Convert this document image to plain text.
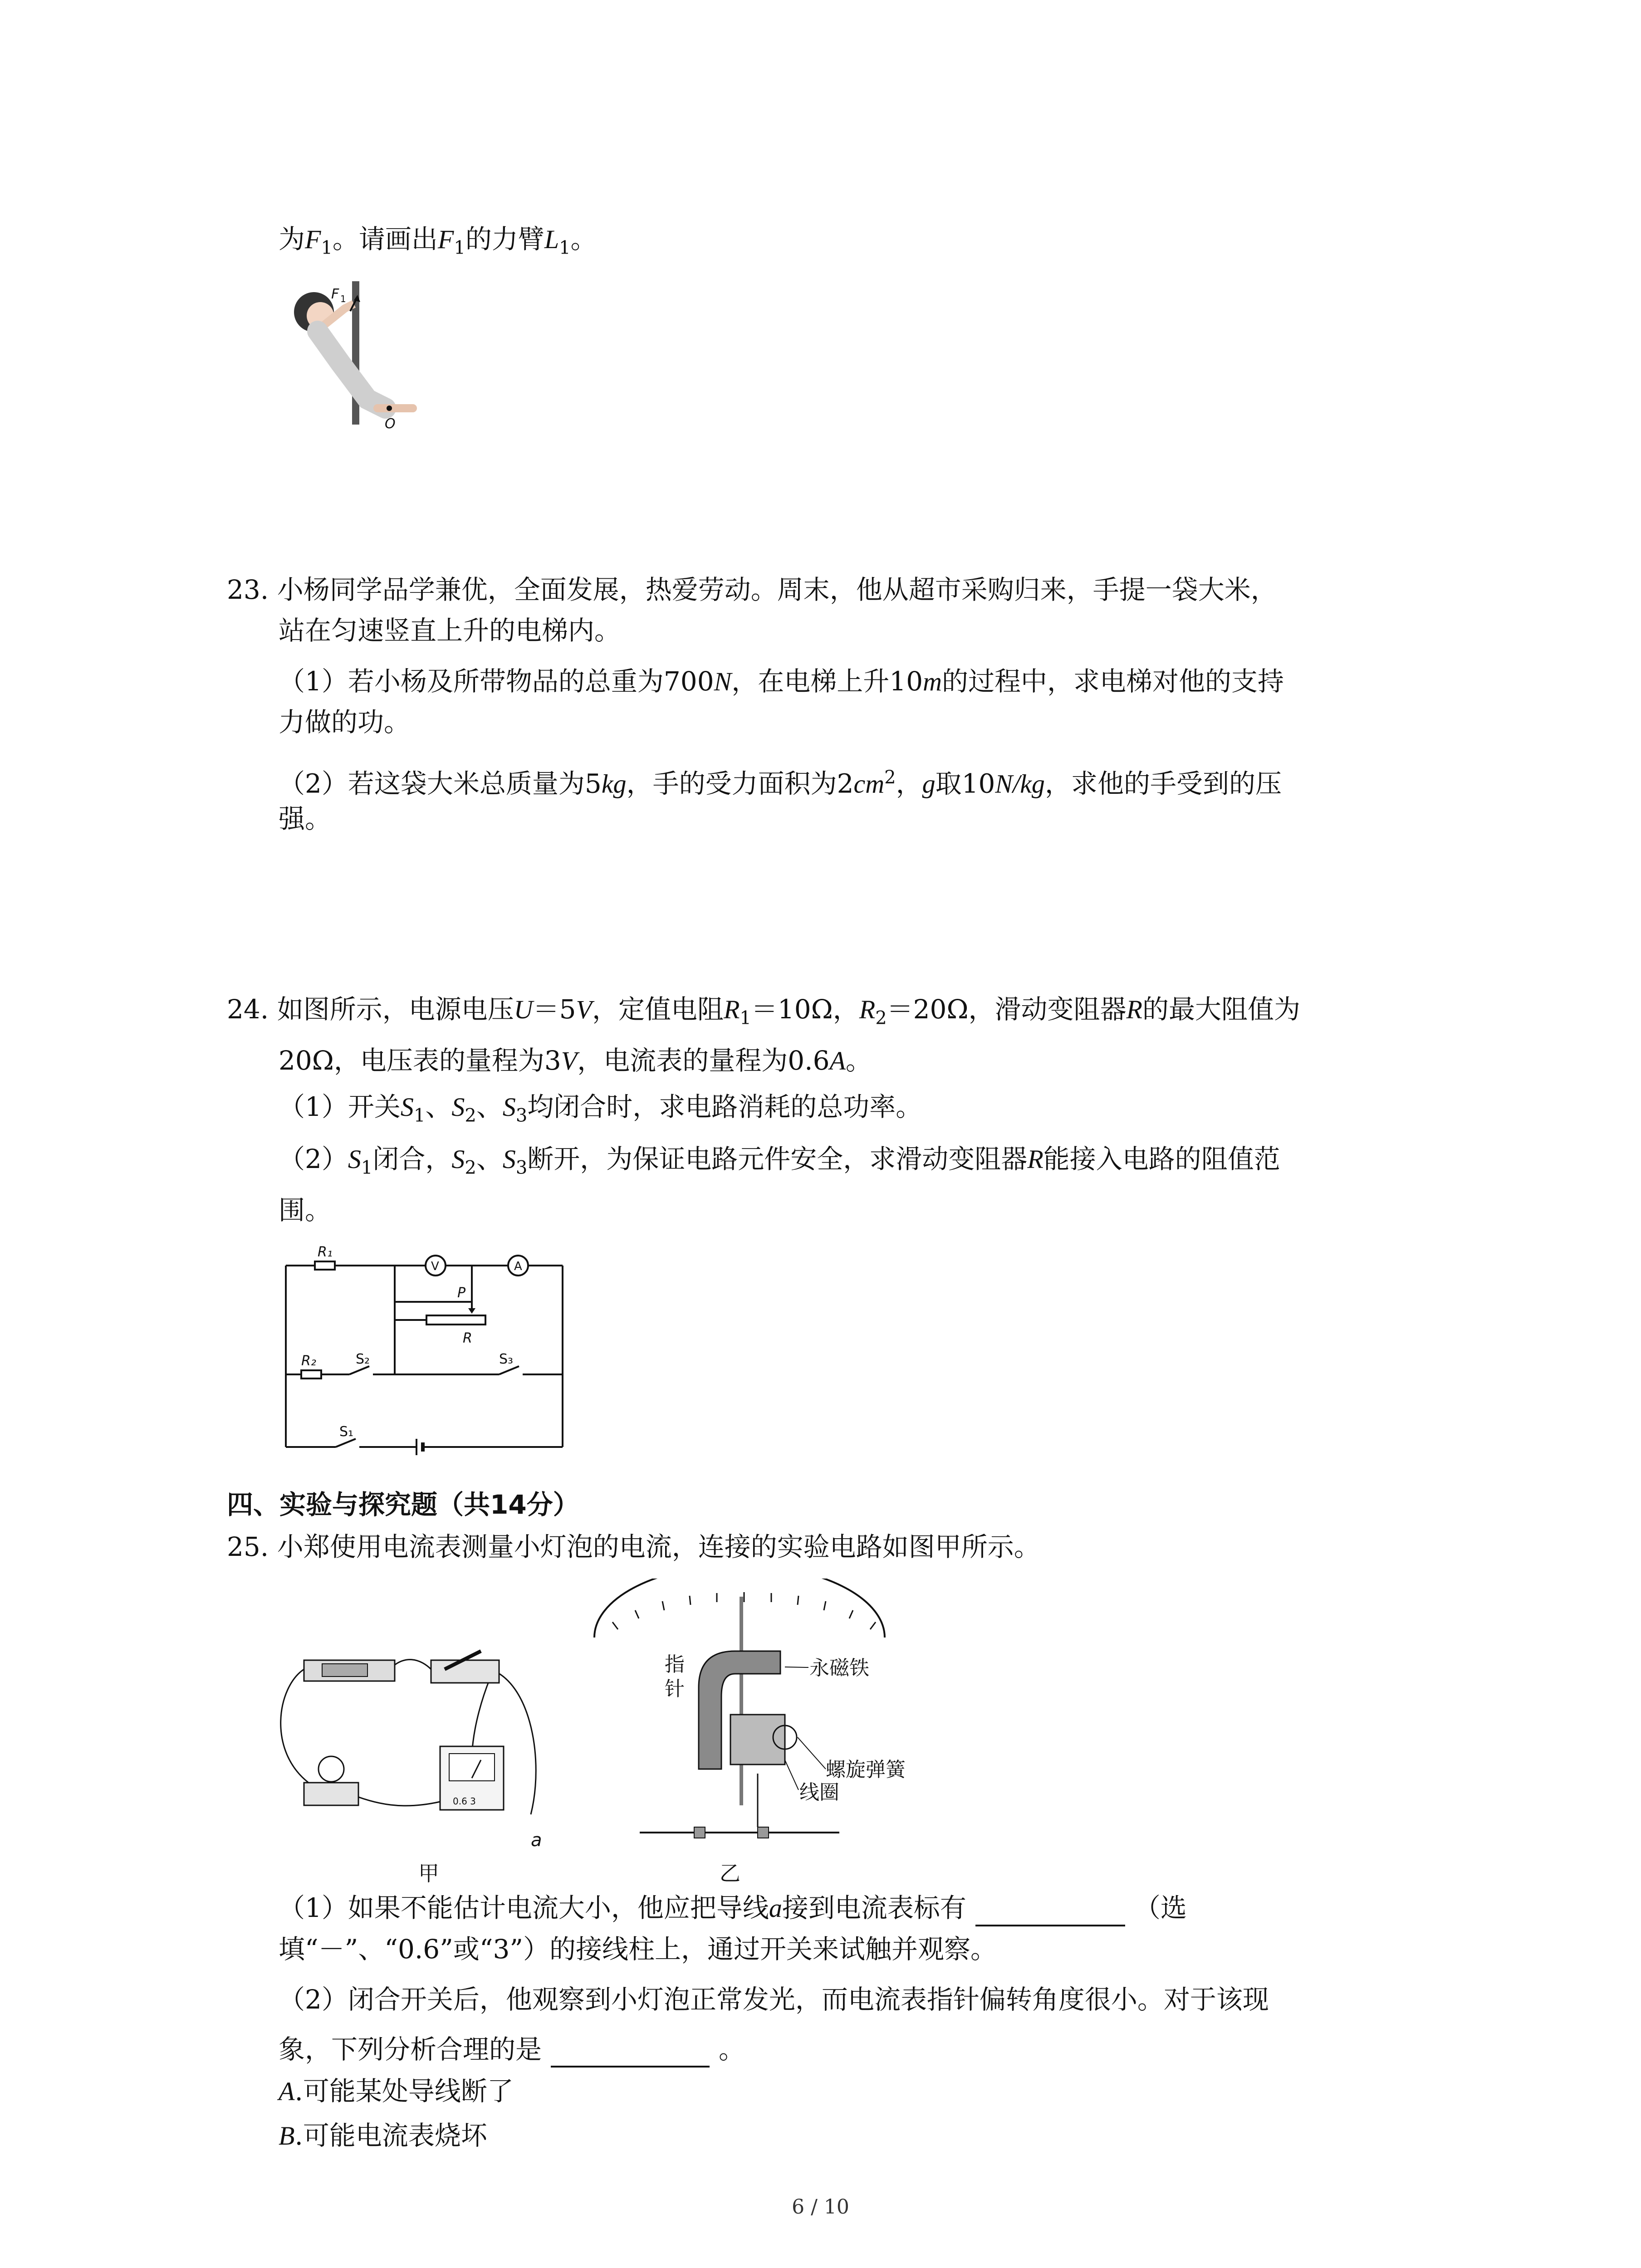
为$F_1$。请画出$F_1$的力臂$L_1$。
F 1
O
23. 小杨同学品学兼优，全面发展，热爱劳动。周末，他从超市采购归来，手提一袋大米，
站在匀速竖直上升的电梯内。
（1）若小杨及所带物品的总重为700N，在电梯上升10m的过程中，求电梯对他的支持
力做的功。
（2）若这袋大米总质量为5kg，手的受力面积为$2cm^2$，g取10N/kg，求他的手受到的压
强。
24. 如图所示，电源电压U＝5V，定值电阻$R_1=10\Omega$，$R_2=20\Omega$，滑动变阻器R的最大阻值为
20Ω，电压表的量程为3V，电流表的量程为0.6A。
（1）开关$S_1$、$S_2$、$S_3$均闭合时，求电路消耗的总功率。
$(2)S_1$闭合，$S_2$、$S_3$断开，为保证电路元件安全，求滑动变阻器R能接入电路的阻值范
围。
R₁
V	A
P
R
R₂	S₂	S₃
S₁
四、实验与探究题（共14分）
25. 小郑使用电流表测量小灯泡的电流，连接的实验电路如图甲所示。
0.6 3
a
甲
指
针
永磁铁
螺旋弹簧
线圈
乙
（1）如果不能估计电流大小，他应把导线a接到电流表标有	（选
填“－”、“0.6”或“3”）的接线柱上，通过开关来试触并观察。
（2）闭合开关后，他观察到小灯泡正常发光，而电流表指针偏转角度很小。对于该现
象，下列分析合理的是	。
A.可能某处导线断了
B.可能电流表烧坏
6 / 10
